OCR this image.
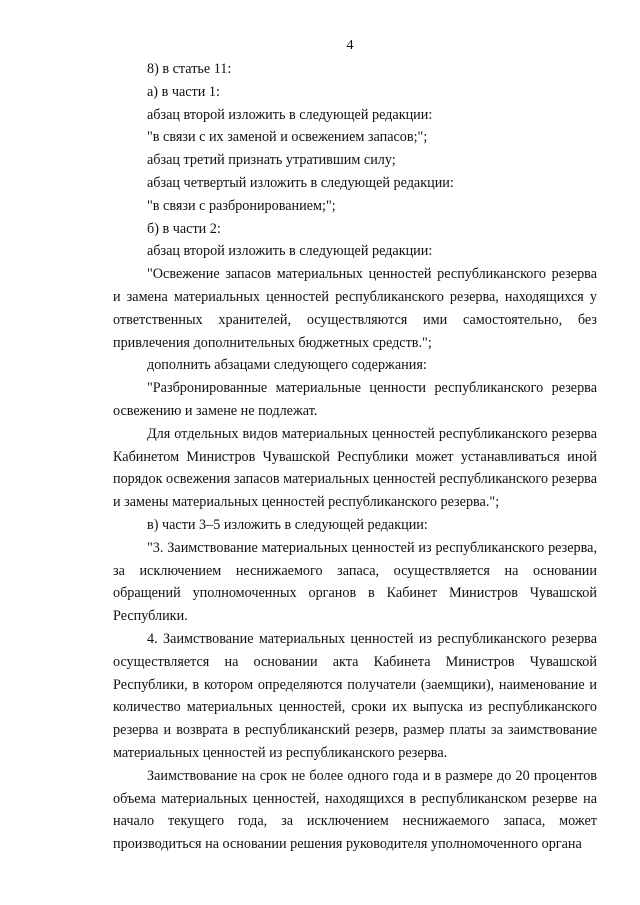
4

8) в статье 11:

а) в части 1:

абзац второй изложить в следующей редакции:

"в связи с их заменой и освежением запасов;";

абзац третий признать утратившим силу;

абзац четвертый изложить в следующей редакции:

"в связи с разбронированием;";

б) в части 2:

абзац второй изложить в следующей редакции:

"Освежение запасов материальных ценностей республиканского резерва и замена материальных ценностей республиканского резерва, находящихся у ответственных хранителей, осуществляются ими самостоятельно, без привлечения дополнительных бюджетных средств.";

дополнить абзацами следующего содержания:

"Разбронированные материальные ценности республиканского резерва освежению и замене не подлежат.

Для отдельных видов материальных ценностей республиканского резерва Кабинетом Министров Чувашской Республики может устанавливаться иной порядок освежения запасов материальных ценностей республиканского резерва и замены материальных ценностей республиканского резерва.";

в) части 3–5 изложить в следующей редакции:

"3. Заимствование материальных ценностей из республиканского резерва, за исключением неснижаемого запаса, осуществляется на основании обращений уполномоченных органов в Кабинет Министров Чувашской Республики.

4. Заимствование материальных ценностей из республиканского резерва осуществляется на основании акта Кабинета Министров Чувашской Республики, в котором определяются получатели (заемщики), наименование и количество материальных ценностей, сроки их выпуска из республиканского резерва и возврата в республиканский резерв, размер платы за заимствование материальных ценностей из республиканского резерва.

Заимствование на срок не более одного года и в размере до 20 процентов объема материальных ценностей, находящихся в республиканском резерве на начало текущего года, за исключением неснижаемого запаса, может производиться на основании решения руководителя уполномоченного органа
